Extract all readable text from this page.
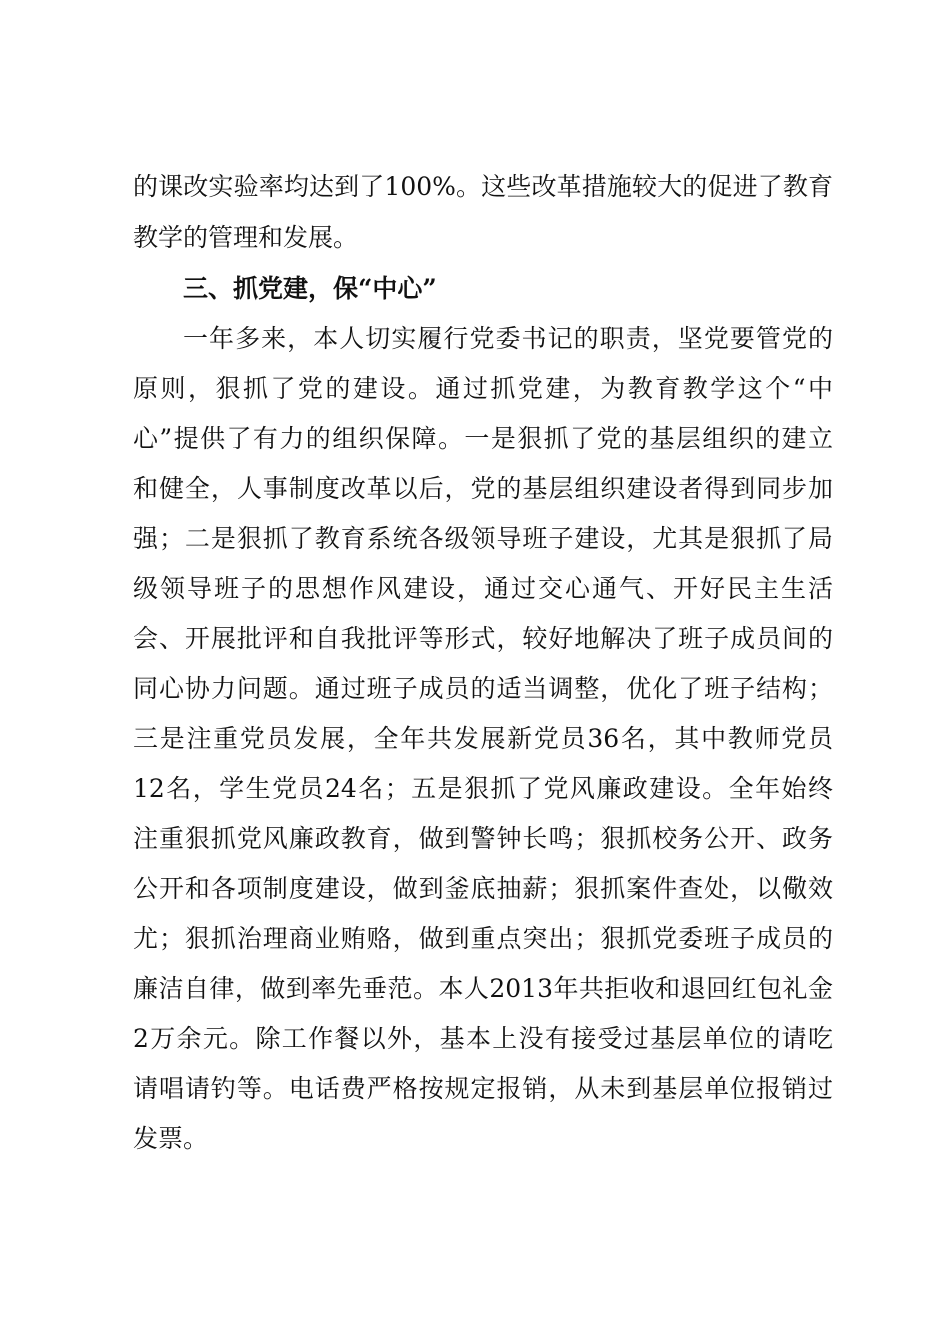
的课改实验率均达到了100%。这些改革措施较大的促进了教育
教学的管理和发展。
三、抓党建，保“中心”
一年多来，本人切实履行党委书记的职责，坚党要管党的
原则，狠抓了党的建设。通过抓党建，为教育教学这个“中
心”提供了有力的组织保障。一是狠抓了党的基层组织的建立
和健全，人事制度改革以后，党的基层组织建设者得到同步加
强；二是狠抓了教育系统各级领导班子建设，尤其是狠抓了局
级领导班子的思想作风建设，通过交心通气、开好民主生活
会、开展批评和自我批评等形式，较好地解决了班子成员间的
同心协力问题。通过班子成员的适当调整，优化了班子结构；
三是注重党员发展，全年共发展新党员36名，其中教师党员
12名，学生党员24名；五是狠抓了党风廉政建设。全年始终
注重狠抓党风廉政教育，做到警钟长鸣；狠抓校务公开、政务
公开和各项制度建设，做到釜底抽薪；狠抓案件查处，以儆效
尤；狠抓治理商业贿赂，做到重点突出；狠抓党委班子成员的
廉洁自律，做到率先垂范。本人2013年共拒收和退回红包礼金
2万余元。除工作餐以外，基本上没有接受过基层单位的请吃
请唱请钓等。电话费严格按规定报销，从未到基层单位报销过
发票。
